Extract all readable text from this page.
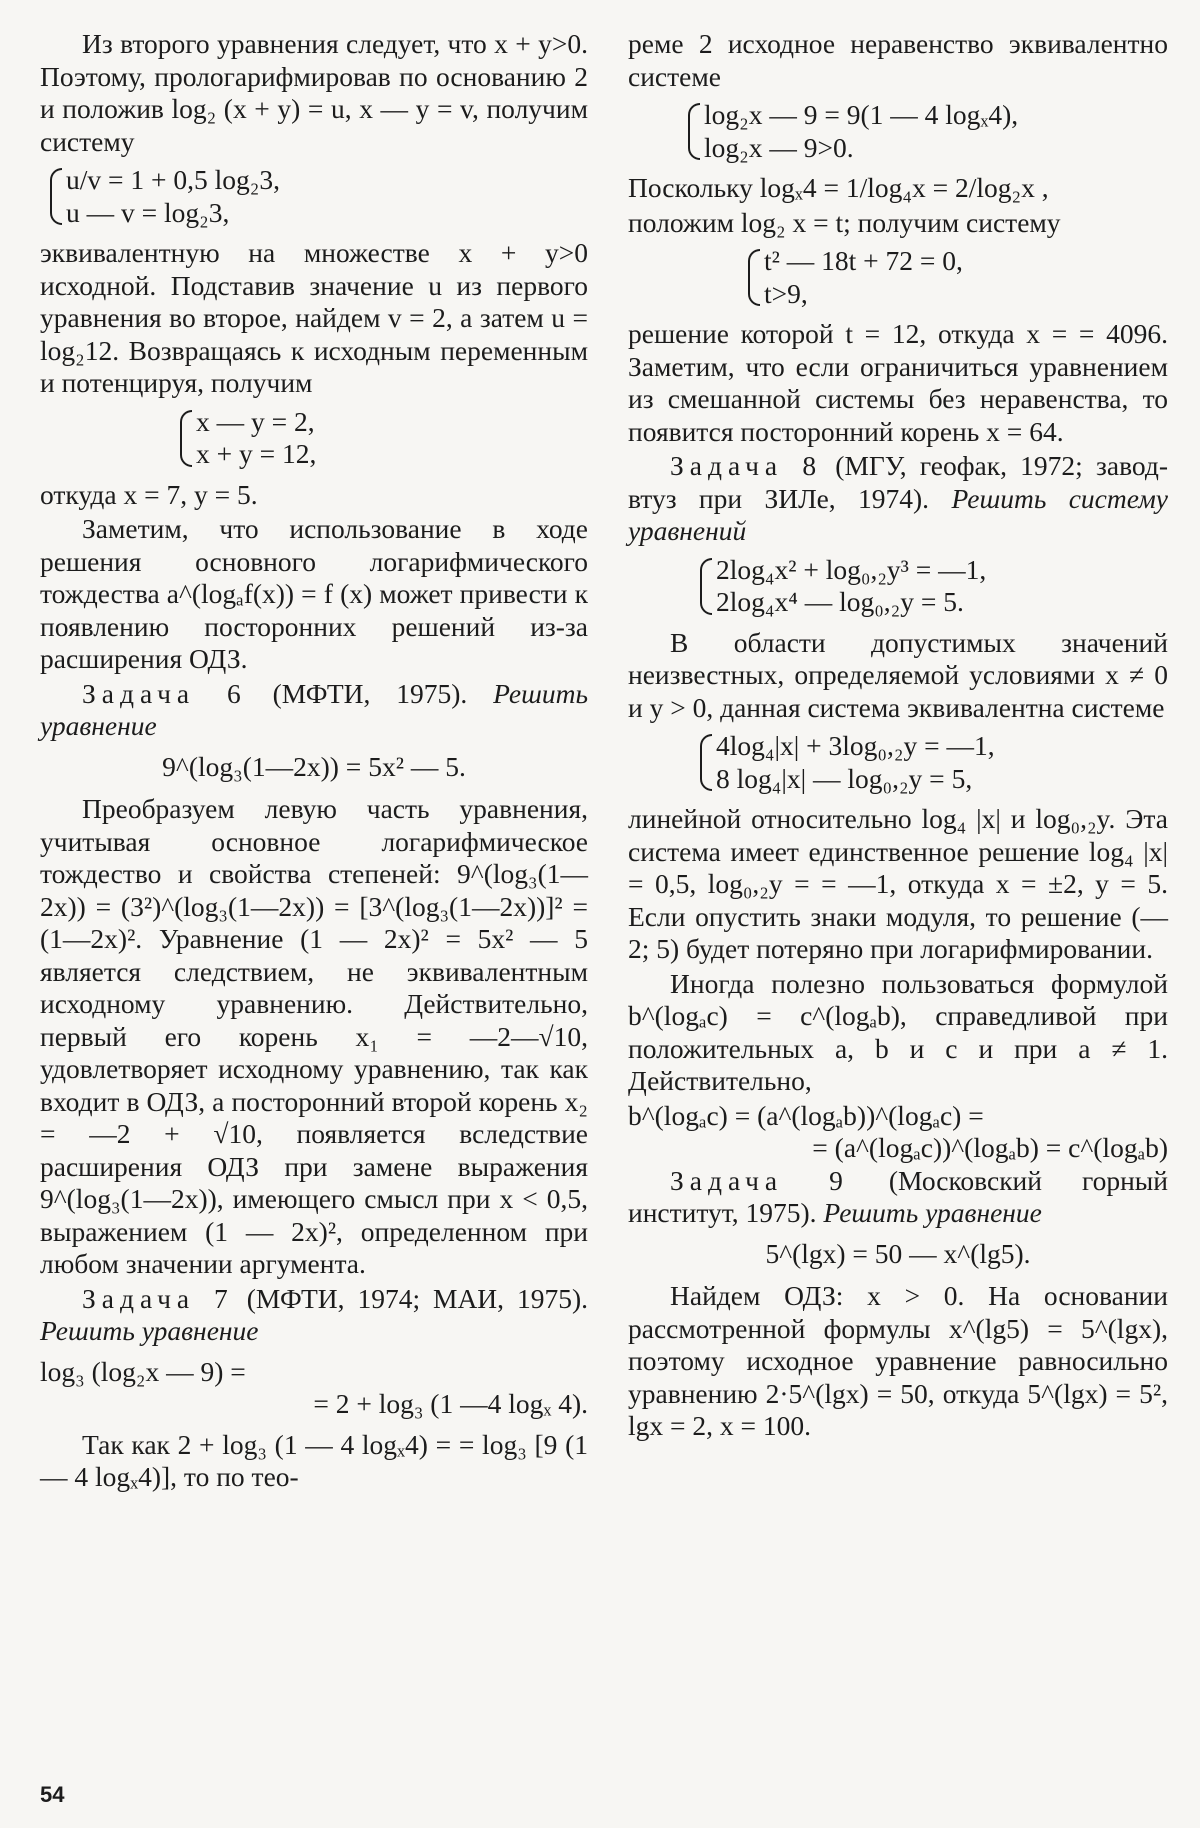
Из второго уравнения следует, что x + y>0. Поэтому, прологарифмировав по основанию 2 и положив log₂ (x + y) = u, x — y = v, получим систему

u/v = 1 + 0,5 log₂3,
u — v = log₂3,

эквивалентную на множестве x + y>0 исходной. Подставив значение u из первого уравнения во второе, найдем v = 2, а затем u = log₂12. Возвращаясь к исходным переменным и потенцируя, получим

x — y = 2,
x + y = 12,

откуда x = 7, y = 5.

Заметим, что использование в ходе решения основного логарифмического тождества a^(logₐf(x)) = f (x) может привести к появлению посторонних решений из-за расширения ОДЗ.

Задача 6 (МФТИ, 1975). Решить уравнение

9^(log₃(1—2x)) = 5x² — 5.

Преобразуем левую часть уравнения, учитывая основное логарифмическое тождество и свойства степеней: 9^(log₃(1—2x)) = (3²)^(log₃(1—2x)) = [3^(log₃(1—2x))]² = (1—2x)². Уравнение (1 — 2x)² = 5x² — 5 является следствием, не эквивалентным исходному уравнению. Действительно, первый его корень x₁ = —2—√10, удовлетворяет исходному уравнению, так как входит в ОДЗ, а посторонний второй корень x₂ = —2 + √10, появляется вследствие расширения ОДЗ при замене выражения 9^(log₃(1—2x)), имеющего смысл при x < 0,5, выражением (1 — 2x)², определенном при любом значении аргумента.

Задача 7 (МФТИ, 1974; МАИ, 1975). Решить уравнение

log₃ (log₂x — 9) =
= 2 + log₃ (1 —4 logₓ 4).

Так как 2 + log₃ (1 — 4 logₓ4) = = log₃ [9 (1 — 4 logₓ4)], то по тео-

реме 2 исходное неравенство эквивалентно системе

log₂x — 9 = 9(1 — 4 logₓ4),
log₂x — 9>0.

Поскольку logₓ4 = 1/log₄x = 2/log₂x ,

положим log₂ x = t; получим систему

t² — 18t + 72 = 0,
t>9,

решение которой t = 12, откуда x = = 4096. Заметим, что если ограничиться уравнением из смешанной системы без неравенства, то появится посторонний корень x = 64.

Задача 8 (МГУ, геофак, 1972; завод-втуз при ЗИЛе, 1974). Решить систему уравнений

2log₄x² + log₀,₂y³ = —1,
2log₄x⁴ — log₀,₂y = 5.

В области допустимых значений неизвестных, определяемой условиями x ≠ 0 и y > 0, данная система эквивалентна системе

4log₄|x| + 3log₀,₂y = —1,
8 log₄|x| — log₀,₂y = 5,

линейной относительно log₄ |x| и log₀,₂y. Эта система имеет единственное решение log₄ |x| = 0,5, log₀,₂y = = —1, откуда x = ±2, y = 5. Если опустить знаки модуля, то решение (—2; 5) будет потеряно при логарифмировании.

Иногда полезно пользоваться формулой b^(logₐc) = c^(logₐb), справедливой при положительных a, b и c и при a ≠ 1. Действительно,

b^(logₐc) = (a^(logₐb))^(logₐc) =
= (a^(logₐc))^(logₐb) = c^(logₐb)

Задача 9 (Московский горный институт, 1975). Решить уравнение

5^(lgx) = 50 — x^(lg5).

Найдем ОДЗ: x > 0. На основании рассмотренной формулы x^(lg5) = 5^(lgx), поэтому исходное уравнение равносильно уравнению 2·5^(lgx) = 50, откуда 5^(lgx) = 5², lgx = 2, x = 100.

54
